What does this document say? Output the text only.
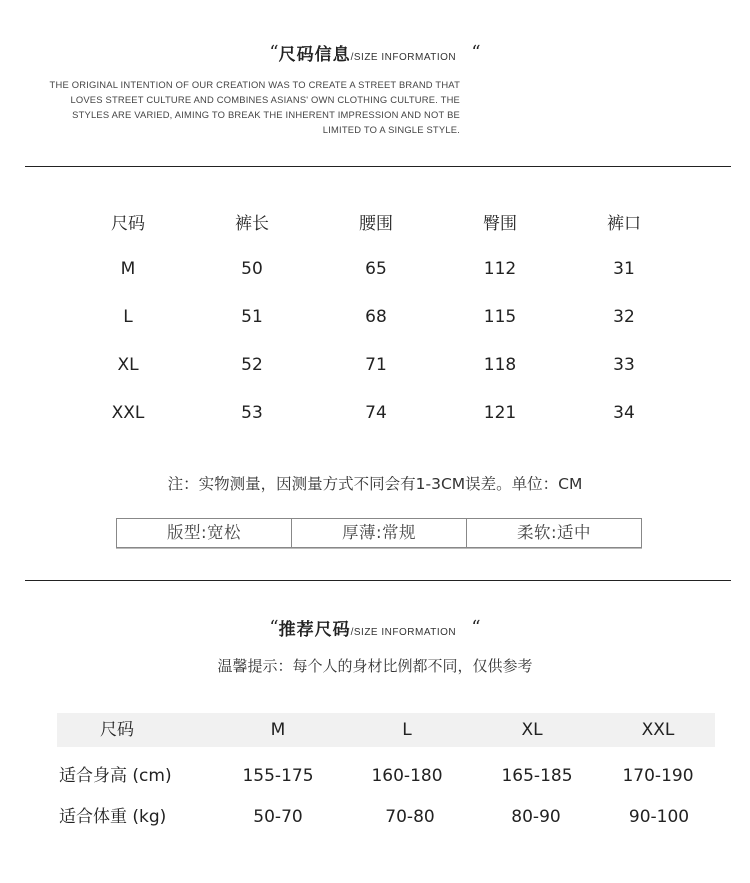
“尺码信息/SIZE INFORMATION “
THE ORIGINAL INTENTION OF OUR CREATION WAS TO CREATE A STREET BRAND THAT
LOVES STREET CULTURE AND COMBINES ASIANS' OWN CLOTHING CULTURE. THE
STYLES ARE VARIED, AIMING TO BREAK THE INHERENT IMPRESSION AND NOT BE
LIMITED TO A SINGLE STYLE.
尺码	裤长	腰围	臀围	裤口
M	50	65	112	31
L	51	68	115	32
XL	52	71	118	33
XXL	53	74	121	34
注：实物测量，因测量方式不同会有1-3CM误差。单位：CM
版型:宽松	厚薄:常规	柔软:适中
“推荐尺码/SIZE INFORMATION “
温馨提示：每个人的身材比例都不同，仅供参考
尺码	M	L	XL	XXL
适合身高 (cm)	155-175	160-180	165-185	170-190
适合体重 (kg)	50-70	70-80	80-90	90-100
